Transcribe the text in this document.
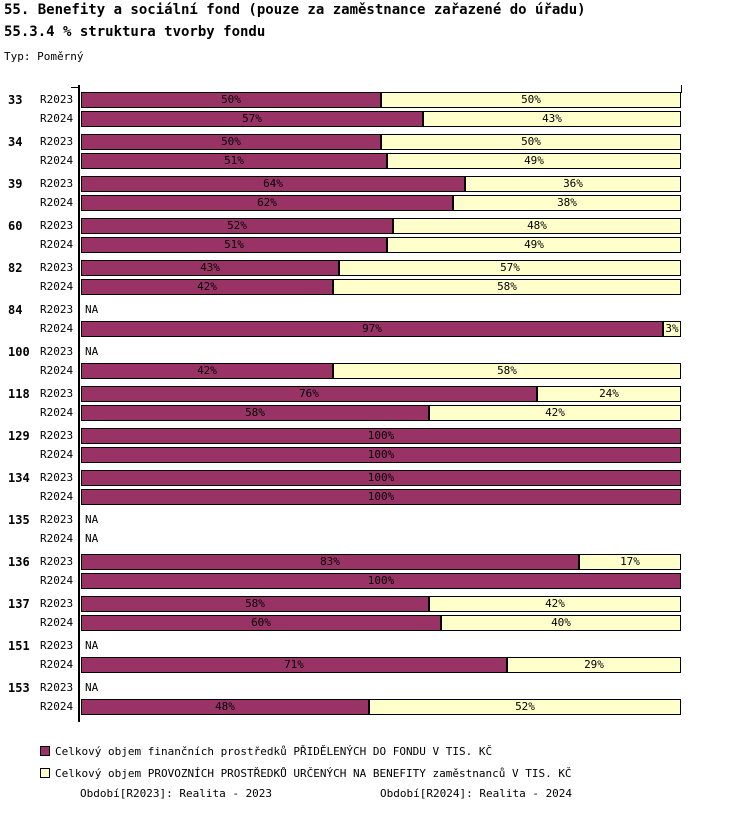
55. Benefity a sociální fond (pouze za zaměstnance zařazené do úřadu)
55.3.4 % struktura tvorby fondu
Typ: Poměrný
33 R2023	50%	50%
R2024	57%	43%
34 R2023	50%	50%
R2024	51%	49%
39 R2023	64%	36%
R2024	62%	38%
60 R2023	52%	48%
R2024	51%	49%
82 R2023	43%	57%
R2024	42%	58%
84 R2023 NA
R2024	97%	3%
100 R2023 NA
R2024	42%	58%
118 R2023	76%	24%
R2024	58%	42%
129 R2023	100%
R2024	100%
134 R2023	100%
R2024	100%
135 R2023 NA
R2024 NA
136 R2023	83%	17%
R2024	100%
137 R2023	58%	42%
R2024	60%	40%
151 R2023 NA
R2024	71%	29%
153 R2023 NA
R2024	48%	52%
Celkový objem finančních prostředků PŘIDĚLENÝCH DO FONDU V TIS. KČ
Celkový objem PROVOZNÍCH PROSTŘEDKŮ URČENÝCH NA BENEFITY zaměstnanců V TIS. KČ
Období[R2023]: Realita - 2023	Období[R2024]: Realita - 2024
